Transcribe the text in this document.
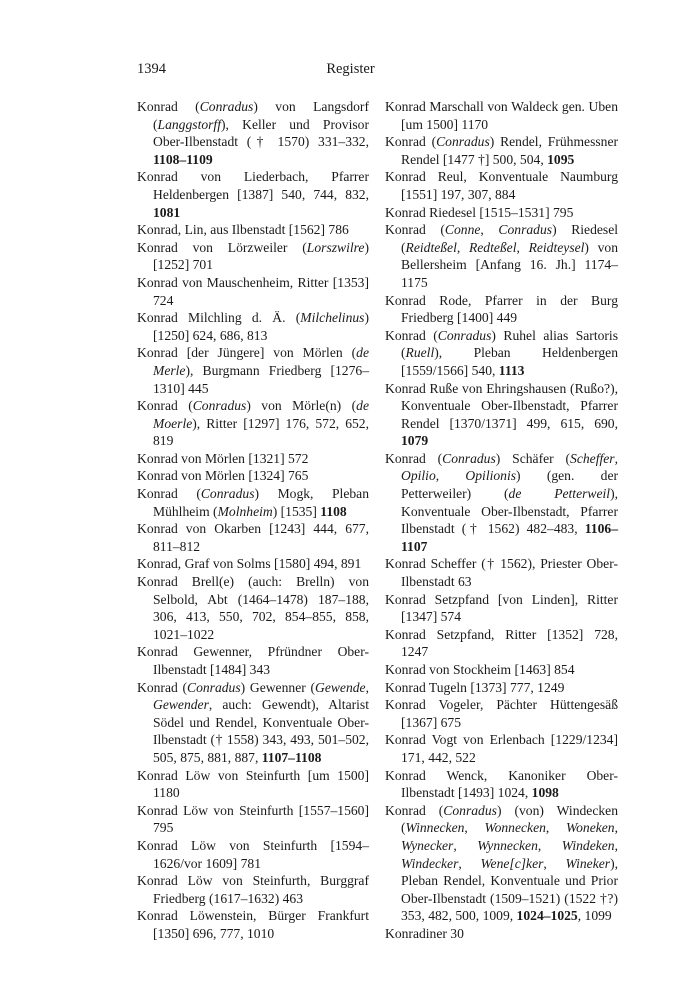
1394	Register

Konrad (Conradus) von Langsdorf (Langgstorff), Keller und Provisor Ober-Ilbenstadt († 1570) 331–332, 1108–1109

Konrad von Liederbach, Pfarrer Heldenbergen [1387] 540, 744, 832, 1081

Konrad, Lin, aus Ilbenstadt [1562] 786

Konrad von Lörzweiler (Lorszwilre) [1252] 701

Konrad von Mauschenheim, Ritter [1353] 724

Konrad Milchling d. Ä. (Milchelinus) [1250] 624, 686, 813

Konrad [der Jüngere] von Mörlen (de Merle), Burgmann Friedberg [1276–1310] 445

Konrad (Conradus) von Mörle(n) (de Moerle), Ritter [1297] 176, 572, 652, 819

Konrad von Mörlen [1321] 572

Konrad von Mörlen [1324] 765

Konrad (Conradus) Mogk, Pleban Mühlheim (Molnheim) [1535] 1108

Konrad von Okarben [1243] 444, 677, 811–812

Konrad, Graf von Solms [1580] 494, 891

Konrad Brell(e) (auch: Brelln) von Selbold, Abt (1464–1478) 187–188, 306, 413, 550, 702, 854–855, 858, 1021–1022

Konrad Gewenner, Pfründner Ober-Ilbenstadt [1484] 343

Konrad (Conradus) Gewenner (Gewende, Gewender, auch: Gewendt), Altarist Södel und Rendel, Konventuale Ober-Ilbenstadt († 1558) 343, 493, 501–502, 505, 875, 881, 887, 1107–1108

Konrad Löw von Steinfurth [um 1500] 1180

Konrad Löw von Steinfurth [1557–1560] 795

Konrad Löw von Steinfurth [1594–1626/vor 1609] 781

Konrad Löw von Steinfurth, Burggraf Friedberg (1617–1632) 463

Konrad Löwenstein, Bürger Frankfurt [1350] 696, 777, 1010

Konrad Marschall von Waldeck gen. Uben [um 1500] 1170

Konrad (Conradus) Rendel, Frühmessner Rendel [1477 †] 500, 504, 1095

Konrad Reul, Konventuale Naumburg [1551] 197, 307, 884

Konrad Riedesel [1515–1531] 795

Konrad (Conne, Conradus) Riedesel (Reidteßel, Redteßel, Reidteysel) von Bellersheim [Anfang 16. Jh.] 1174–1175

Konrad Rode, Pfarrer in der Burg Friedberg [1400] 449

Konrad (Conradus) Ruhel alias Sartoris (Ruell), Pleban Heldenbergen [1559/1566] 540, 1113

Konrad Ruße von Ehringshausen (Rußo?), Konventuale Ober-Ilbenstadt, Pfarrer Rendel [1370/1371] 499, 615, 690, 1079

Konrad (Conradus) Schäfer (Scheffer, Opilio, Opilionis) (gen. der Petterweiler) (de Petterweil), Konventuale Ober-Ilbenstadt, Pfarrer Ilbenstadt († 1562) 482–483, 1106–1107

Konrad Scheffer († 1562), Priester Ober-Ilbenstadt 63

Konrad Setzpfand [von Linden], Ritter [1347] 574

Konrad Setzpfand, Ritter [1352] 728, 1247

Konrad von Stockheim [1463] 854

Konrad Tugeln [1373] 777, 1249

Konrad Vogeler, Pächter Hüttengesäß [1367] 675

Konrad Vogt von Erlenbach [1229/1234] 171, 442, 522

Konrad Wenck, Kanoniker Ober-Ilbenstadt [1493] 1024, 1098

Konrad (Conradus) (von) Windecken (Winnecken, Wonnecken, Woneken, Wynecker, Wynnecken, Windeken, Windecker, Wene[c]ker, Wineker), Pleban Rendel, Konventuale und Prior Ober-Ilbenstadt (1509–1521) (1522 †?) 353, 482, 500, 1009, 1024–1025, 1099

Konradiner 30
